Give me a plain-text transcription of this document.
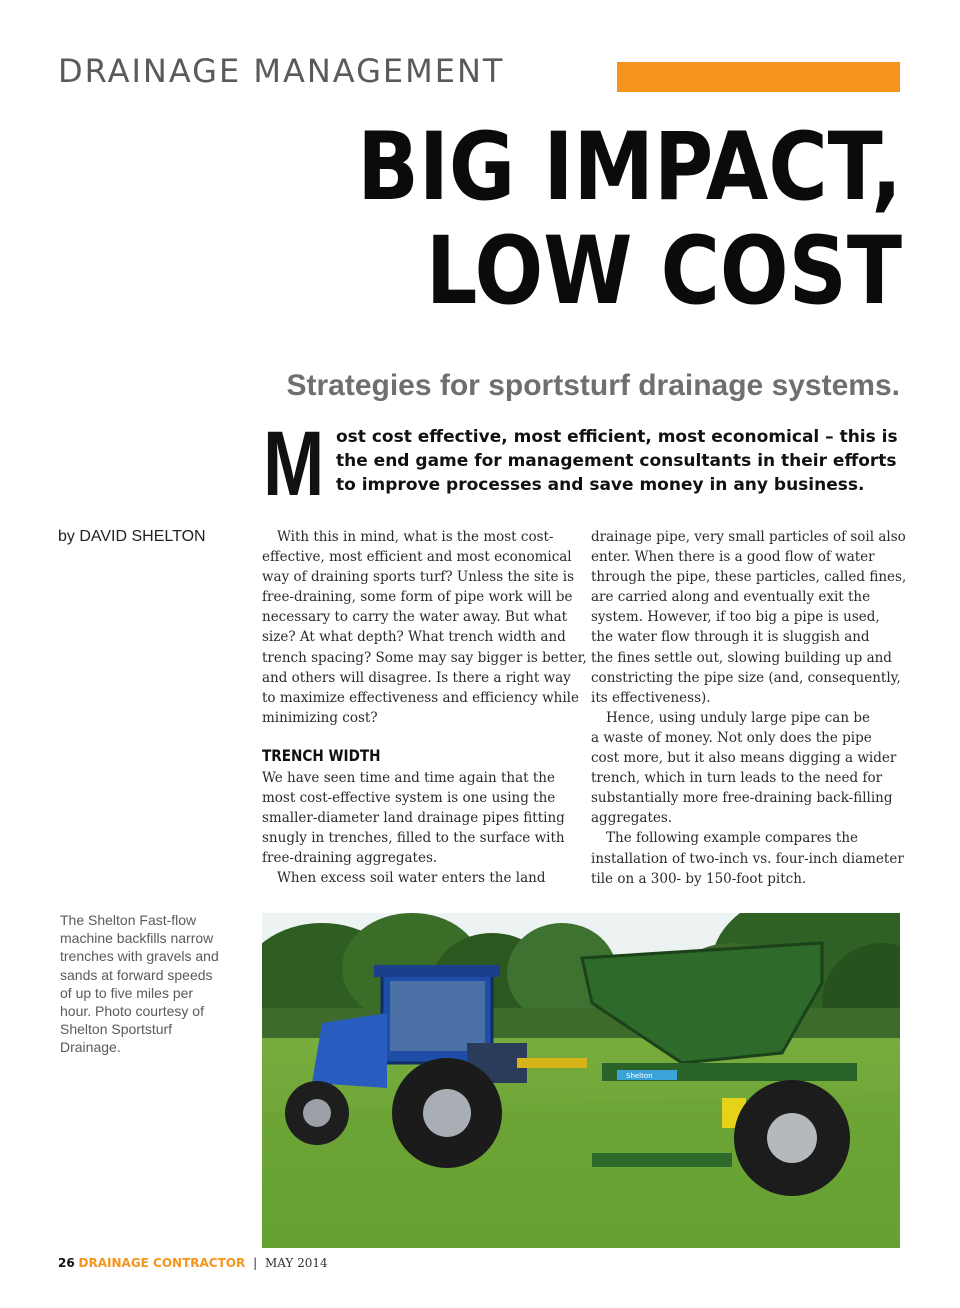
DRAINAGE MANAGEMENT
BIG IMPACT,
LOW COST
Strategies for sportsturf drainage systems.
M ost cost effective, most efficient, most economical – this is
the end game for management consultants in their efforts
to improve processes and save money in any business.

by DAVID SHELTON	With this in mind, what is the most cost-
effective, most efficient and most economical
way of draining sports turf? Unless the site is
free-draining, some form of pipe work will be
necessary to carry the water away. But what
size? At what depth? What trench width and
trench spacing? Some may say bigger is better,
and others will disagree. Is there a right way
to maximize effectiveness and efficiency while
minimizing cost?
TRENCH WIDTH
We have seen time and time again that the
most cost-effective system is one using the
smaller-diameter land drainage pipes fitting
snugly in trenches, filled to the surface with
free-draining aggregates.
When excess soil water enters the land
drainage pipe, very small particles of soil also
enter. When there is a good flow of water
through the pipe, these particles, called fines,
are carried along and eventually exit the
system. However, if too big a pipe is used,
the water flow through it is sluggish and
the fines settle out, slowing building up and
constricting the pipe size (and, consequently,
its effectiveness).
Hence, using unduly large pipe can be
a waste of money. Not only does the pipe
cost more, but it also means digging a wider
trench, which in turn leads to the need for
substantially more free-draining back-filling
aggregates.
The following example compares the
installation of two-inch vs. four-inch diameter
tile on a 300- by 150-foot pitch.
The Shelton Fast-flow
machine backfills narrow
trenches with gravels and
sands at forward speeds
of up to five miles per
hour. Photo courtesy of
Shelton Sportsturf
Drainage.
Shelton
26 DRAINAGE CONTRACTOR | MAY 2014
